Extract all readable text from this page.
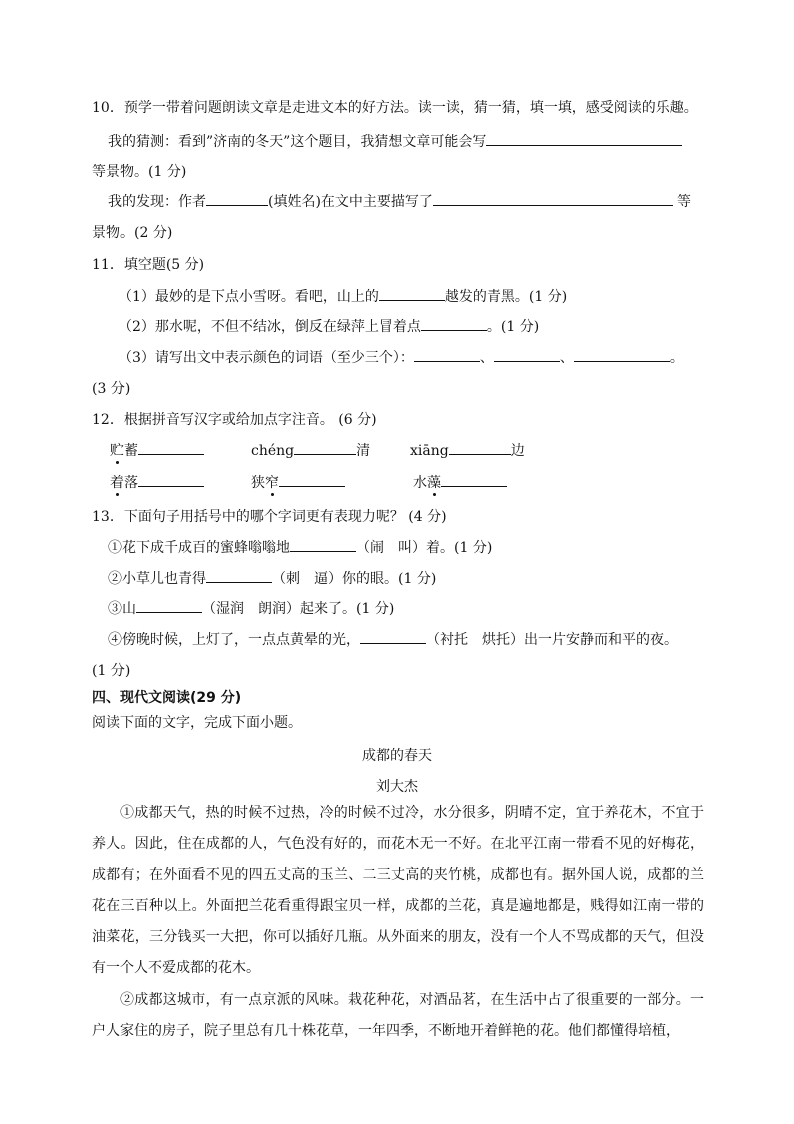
10．预学一带着问题朗读文章是走进文本的好方法。读一读，猜一猜，填一填，感受阅读的乐趣。
我的猜测：看到”济南的冬天”这个题目，我猜想文章可能会写
等景物。(1 分)
我的发现：作者	(填姓名)在文中主要描写了	等
景物。(2 分)
11．填空题(5 分)
（1）最妙的是下点小雪呀。看吧，山上的	越发的青黑。(1 分)
（2）那水呢，不但不结冰，倒反在绿萍上冒着点	。(1 分)
（3）请写出文中表示颜色的词语（至少三个）：	、	、	。
(3 分)
12．根据拼音写汉字或给加点字注音。 (6 分)
贮蓄	chéng	清	xiāng	边
着落	狭窄	水藻
13．下面句子用括号中的哪个字词更有表现力呢？ (4 分)
①花下成千成百的蜜蜂嗡嗡地	（闹　叫）着。(1 分)
②小草儿也青得	（刺　逼）你的眼。(1 分)
③山	（湿润　朗润）起来了。(1 分)
④傍晚时候，上灯了，一点点黄晕的光，	（衬托　烘托）出一片安静而和平的夜。
(1 分)
四、现代文阅读(29 分)
阅读下面的文字，完成下面小题。
成都的春天
刘大杰
①成都天气，热的时候不过热，冷的时候不过冷，水分很多，阴晴不定，宜于养花木，不宜于养人。因此，住在成都的人，气色没有好的，而花木无一不好。在北平江南一带看不见的好梅花，成都有；在外面看不见的四五丈高的玉兰、二三丈高的夹竹桃，成都也有。据外国人说，成都的兰花在三百种以上。外面把兰花看重得跟宝贝一样，成都的兰花，真是遍地都是，贱得如江南一带的油菜花，三分钱买一大把，你可以插好几瓶。从外面来的朋友，没有一个人不骂成都的天气，但没有一个人不爱成都的花木。
②成都这城市，有一点京派的风味。栽花种花，对酒品茗，在生活中占了很重要的一部分。一户人家住的房子，院子里总有几十株花草，一年四季，不断地开着鲜艳的花。他们都懂得培植，
